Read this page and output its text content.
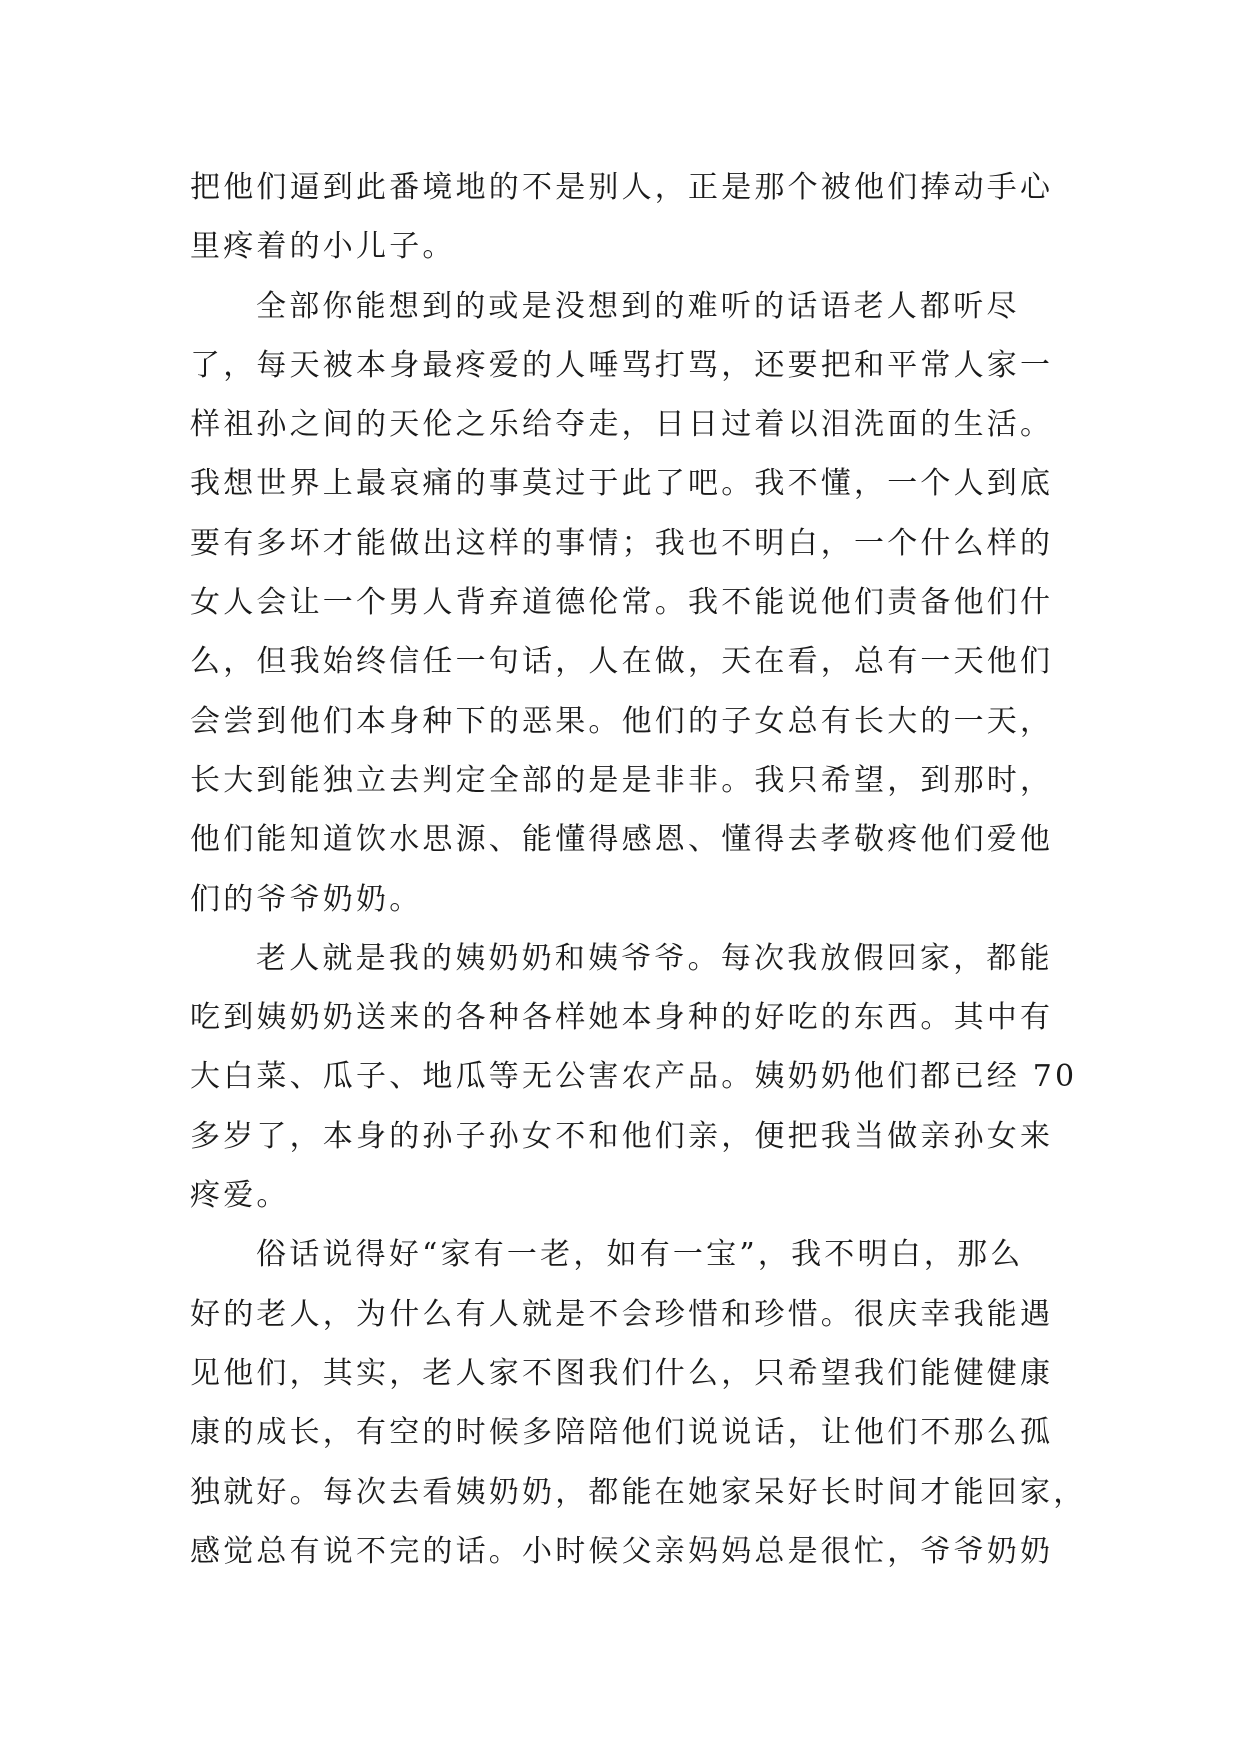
把他们逼到此番境地的不是别人，正是那个被他们捧动手心
里疼着的小儿子。
全部你能想到的或是没想到的难听的话语老人都听尽
了，每天被本身最疼爱的人唾骂打骂，还要把和平常人家一
样祖孙之间的天伦之乐给夺走，日日过着以泪洗面的生活。
我想世界上最哀痛的事莫过于此了吧。我不懂，一个人到底
要有多坏才能做出这样的事情；我也不明白，一个什么样的
女人会让一个男人背弃道德伦常。我不能说他们责备他们什
么，但我始终信任一句话，人在做，天在看，总有一天他们
会尝到他们本身种下的恶果。他们的子女总有长大的一天，
长大到能独立去判定全部的是是非非。我只希望，到那时，
他们能知道饮水思源、能懂得感恩、懂得去孝敬疼他们爱他
们的爷爷奶奶。
老人就是我的姨奶奶和姨爷爷。每次我放假回家，都能
吃到姨奶奶送来的各种各样她本身种的好吃的东西。其中有
大白菜、瓜子、地瓜等无公害农产品。姨奶奶他们都已经 70
多岁了，本身的孙子孙女不和他们亲，便把我当做亲孙女来
疼爱。
俗话说得好“家有一老，如有一宝”，我不明白，那么
好的老人，为什么有人就是不会珍惜和珍惜。很庆幸我能遇
见他们，其实，老人家不图我们什么，只希望我们能健健康
康的成长，有空的时候多陪陪他们说说话，让他们不那么孤
独就好。每次去看姨奶奶，都能在她家呆好长时间才能回家，
感觉总有说不完的话。小时候父亲妈妈总是很忙，爷爷奶奶
